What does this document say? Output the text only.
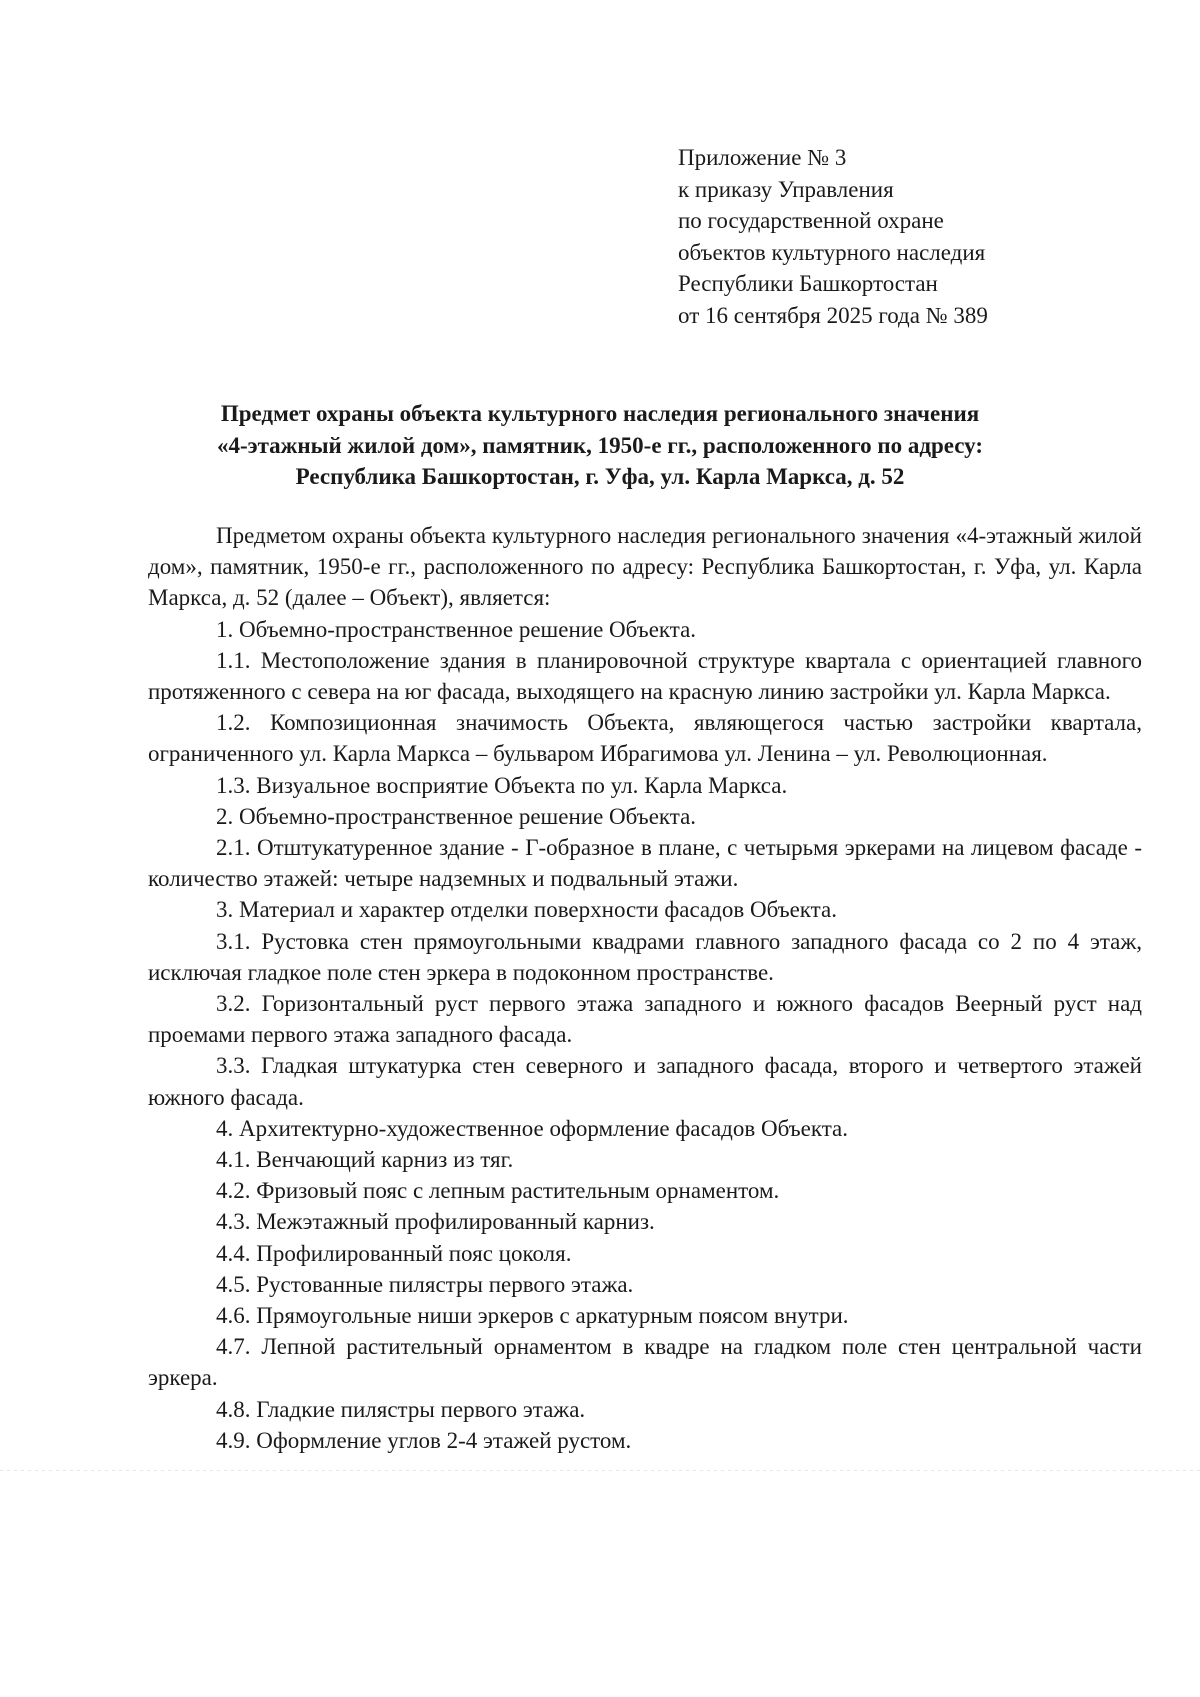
Приложение № 3
к приказу Управления
по государственной охране
объектов культурного наследия
Республики Башкортостан
от 16 сентября 2025 года № 389
Предмет охраны объекта культурного наследия регионального значения
«4-этажный жилой дом», памятник, 1950-е гг., расположенного по адресу:
Республика Башкортостан, г. Уфа, ул. Карла Маркса, д. 52

Предметом охраны объекта культурного наследия регионального значения «4-этажный жилой дом», памятник, 1950-е гг., расположенного по адресу: Республика Башкортостан, г. Уфа, ул. Карла Маркса, д. 52 (далее – Объект), является:

1. Объемно-пространственное решение Объекта.

1.1. Местоположение здания в планировочной структуре квартала с ориентацией главного протяженного с севера на юг фасада, выходящего на красную линию застройки ул. Карла Маркса.

1.2. Композиционная значимость Объекта, являющегося частью застройки квартала, ограниченного ул. Карла Маркса – бульваром Ибрагимова ул. Ленина – ул. Революционная.

1.3. Визуальное восприятие Объекта по ул. Карла Маркса.

2. Объемно-пространственное решение Объекта.

2.1. Отштукатуренное здание - Г-образное в плане, с четырьмя эркерами на лицевом фасаде - количество этажей: четыре надземных и подвальный этажи.

3. Материал и характер отделки поверхности фасадов Объекта.

3.1. Рустовка стен прямоугольными квадрами главного западного фасада со 2 по 4 этаж, исключая гладкое поле стен эркера в подоконном пространстве.

3.2. Горизонтальный руст первого этажа западного и южного фасадов Веерный руст над проемами первого этажа западного фасада.

3.3. Гладкая штукатурка стен северного и западного фасада, второго и четвертого этажей южного фасада.

4. Архитектурно-художественное оформление фасадов Объекта.

4.1. Венчающий карниз из тяг.

4.2. Фризовый пояс с лепным растительным орнаментом.

4.3. Межэтажный профилированный карниз.

4.4. Профилированный пояс цоколя.

4.5. Рустованные пилястры первого этажа.

4.6. Прямоугольные ниши эркеров с аркатурным поясом внутри.

4.7. Лепной растительный орнаментом в квадре на гладком поле стен центральной части эркера.

4.8. Гладкие пилястры первого этажа.

4.9. Оформление углов 2-4 этажей рустом.
